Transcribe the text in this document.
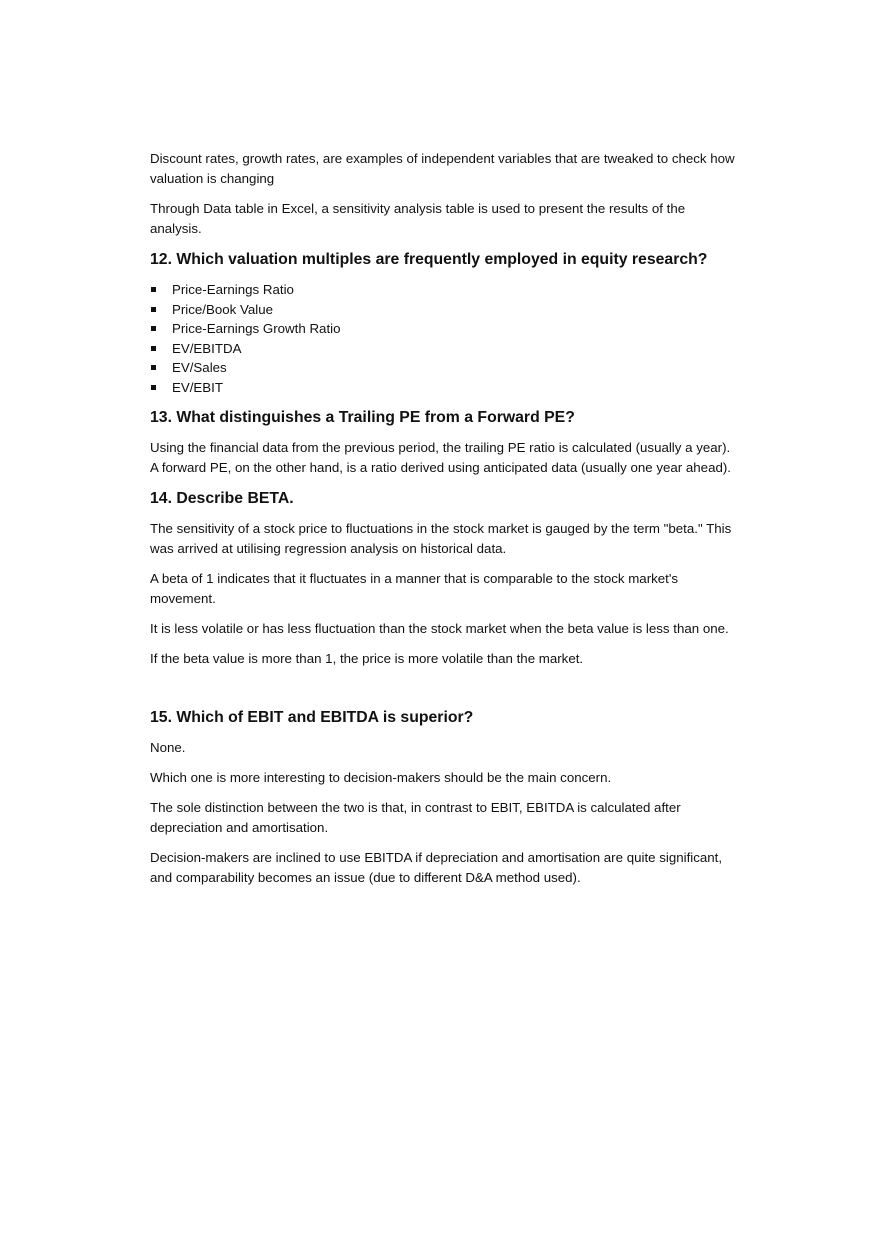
Discount rates, growth rates, are examples of independent variables that are tweaked to check how valuation is changing

Through Data table in Excel, a sensitivity analysis table is used to present the results of the analysis.

12. Which valuation multiples are frequently employed in equity research?
Price-Earnings Ratio
Price/Book Value
Price-Earnings Growth Ratio
EV/EBITDA
EV/Sales
EV/EBIT
13. What distinguishes a Trailing PE from a Forward PE?

Using the financial data from the previous period, the trailing PE ratio is calculated (usually a year). A forward PE, on the other hand, is a ratio derived using anticipated data (usually one year ahead).

14. Describe BETA.

The sensitivity of a stock price to fluctuations in the stock market is gauged by the term "beta." This was arrived at utilising regression analysis on historical data.

A beta of 1 indicates that it fluctuates in a manner that is comparable to the stock market's movement.

It is less volatile or has less fluctuation than the stock market when the beta value is less than one.

If the beta value is more than 1, the price is more volatile than the market.

15. Which of EBIT and EBITDA is superior?

None.

Which one is more interesting to decision-makers should be the main concern.

The sole distinction between the two is that, in contrast to EBIT, EBITDA is calculated after depreciation and amortisation.

Decision-makers are inclined to use EBITDA if depreciation and amortisation are quite significant, and comparability becomes an issue (due to different D&A method used).
